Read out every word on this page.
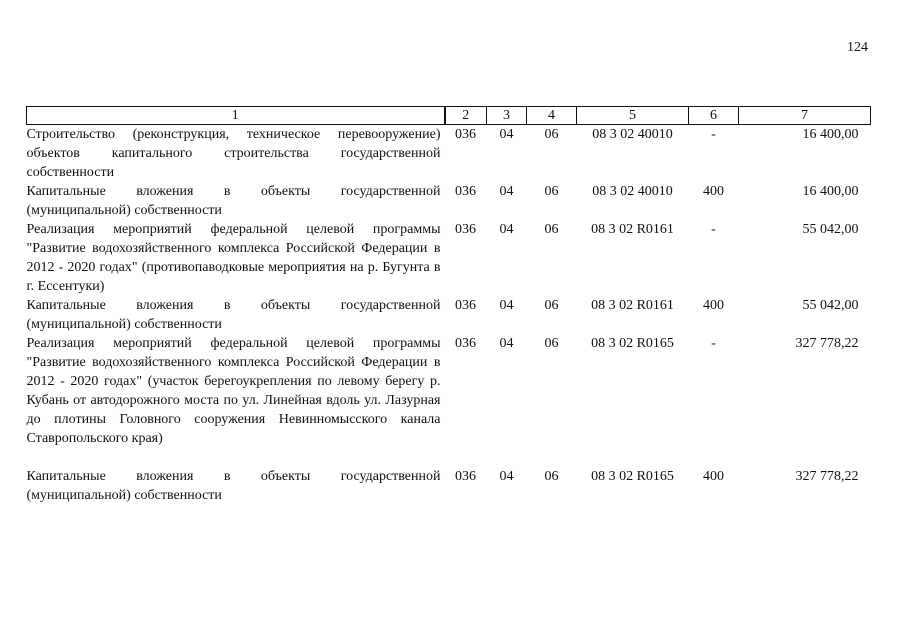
124
1	2	3	4	5	6	7
Строительство (реконструкция, техническое перевооружение) объектов капитального строительства государственной собственности	036	04	06	08 3 02 40010	-	16 400,00
Капитальные вложения в объекты государственной (муниципальной) собственности	036	04	06	08 3 02 40010	400	16 400,00
Реализация мероприятий федеральной целевой программы "Развитие водохозяйственного комплекса Российской Федерации в 2012 - 2020 годах" (противопаводковые мероприятия на р. Бугунта в г. Ессентуки)	036	04	06	08 3 02 R0161	-	55 042,00
Капитальные вложения в объекты государственной (муниципальной) собственности	036	04	06	08 3 02 R0161	400	55 042,00
Реализация мероприятий федеральной целевой программы "Развитие водохозяйственного комплекса Российской Федерации в 2012 - 2020 годах" (участок берегоукрепления по левому берегу р. Кубань от автодорожного моста по ул. Линейная вдоль ул. Лазурная до плотины Головного сооружения Невинномысского канала Ставропольского края)	036	04	06	08 3 02 R0165	-	327 778,22

Капитальные вложения в объекты государственной (муниципальной) собственности	036	04	06	08 3 02 R0165	400	327 778,22
